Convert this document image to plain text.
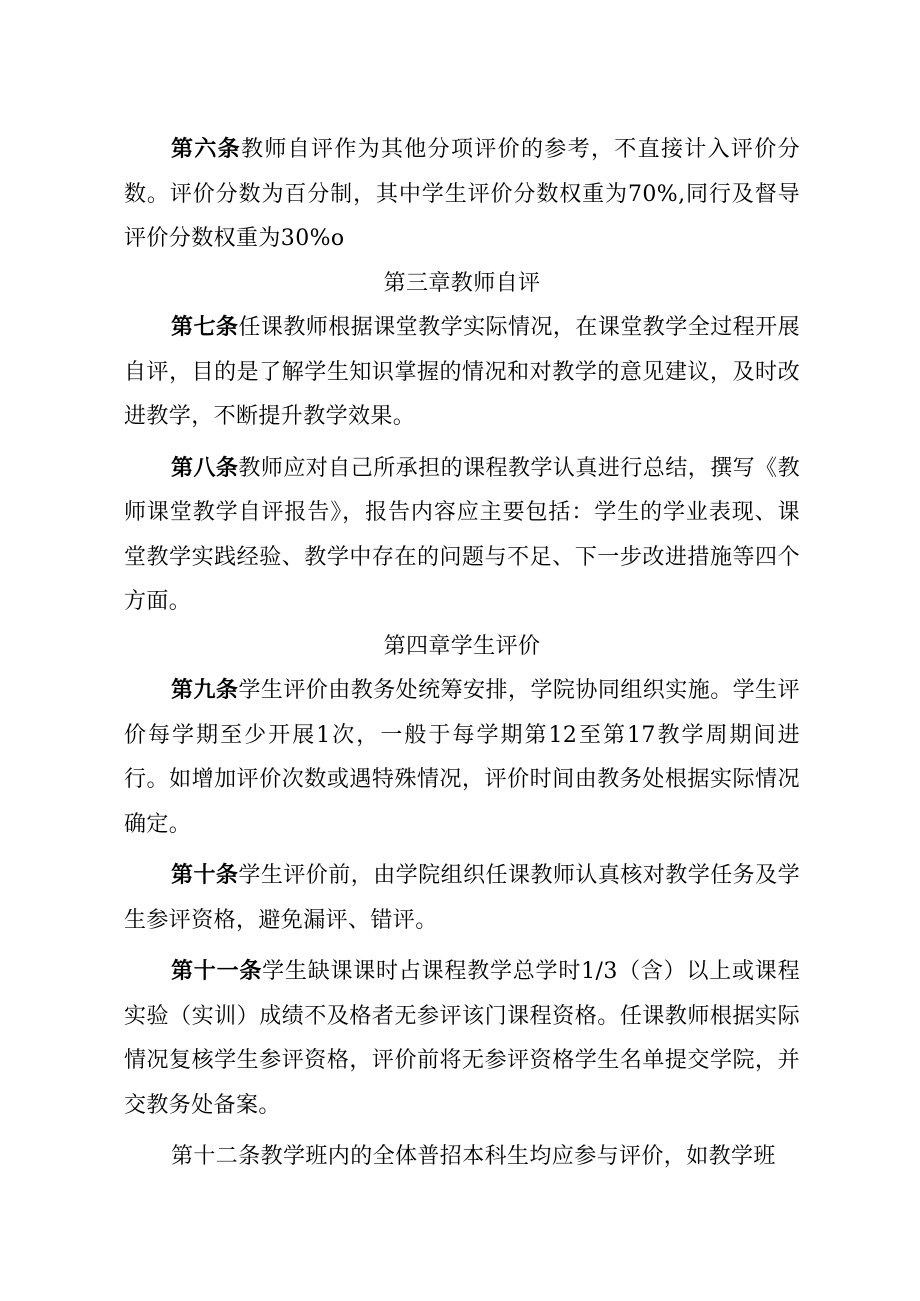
第六条教师自评作为其他分项评价的参考，不直接计入评价分数。评价分数为百分制，其中学生评价分数权重为70%,同行及督导评价分数权重为30%o

第三章教师自评

第七条任课教师根据课堂教学实际情况，在课堂教学全过程开展自评，目的是了解学生知识掌握的情况和对教学的意见建议，及时改进教学，不断提升教学效果。

第八条教师应对自己所承担的课程教学认真进行总结，撰写《教师课堂教学自评报告》，报告内容应主要包括：学生的学业表现、课堂教学实践经验、教学中存在的问题与不足、下一步改进措施等四个方面。

第四章学生评价

第九条学生评价由教务处统筹安排，学院协同组织实施。学生评价每学期至少开展1次，一般于每学期第12至第17教学周期间进行。如增加评价次数或遇特殊情况，评价时间由教务处根据实际情况确定。

第十条学生评价前，由学院组织任课教师认真核对教学任务及学生参评资格，避免漏评、错评。

第十一条学生缺课课时占课程教学总学时1/3（含）以上或课程实验（实训）成绩不及格者无参评该门课程资格。任课教师根据实际情况复核学生参评资格，评价前将无参评资格学生名单提交学院，并交教务处备案。

第十二条教学班内的全体普招本科生均应参与评价，如教学班
